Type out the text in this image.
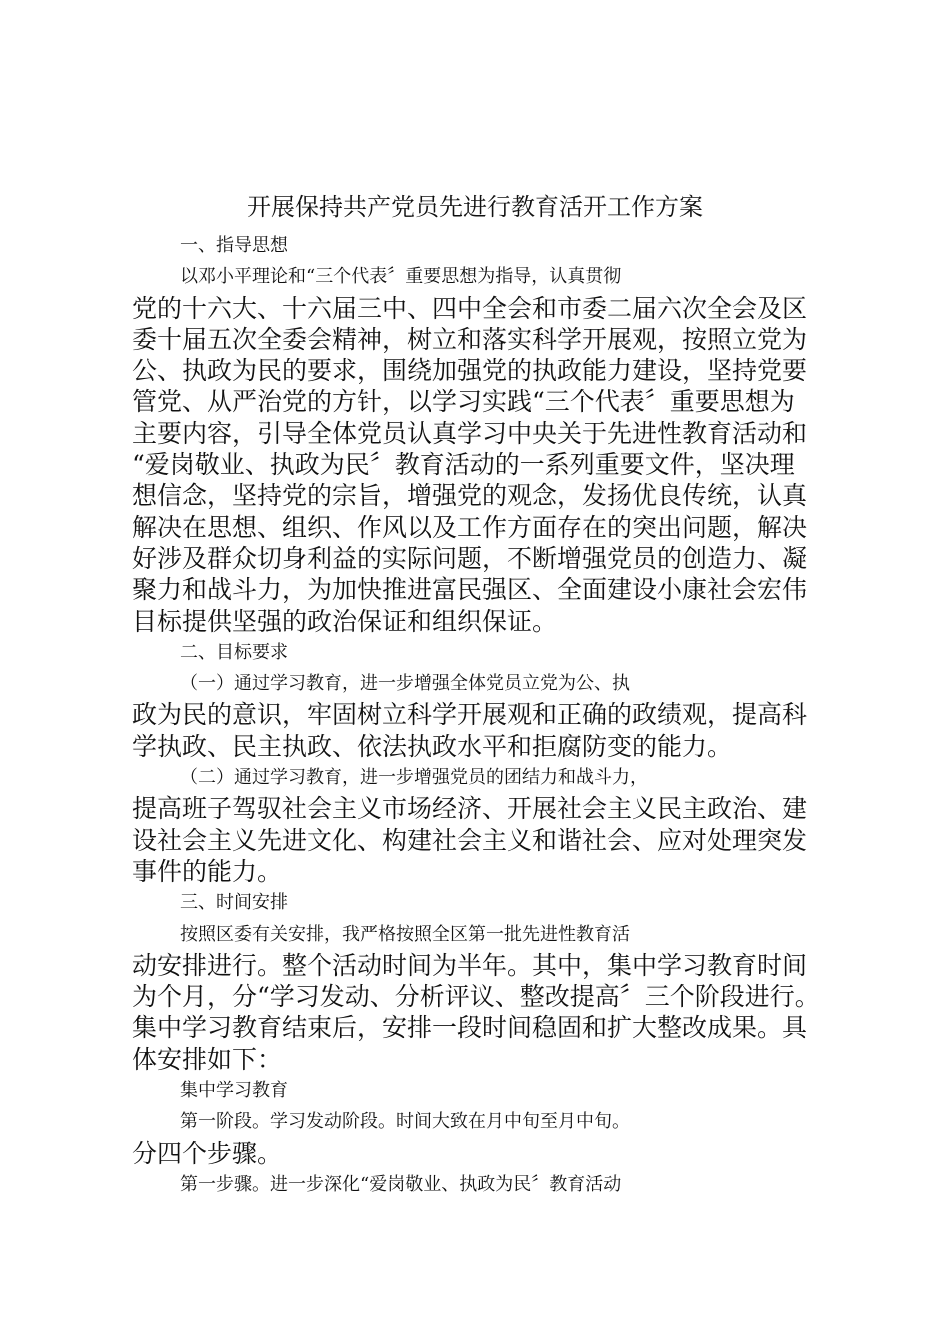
开展保持共产党员先进行教育活开工作方案
一、指导思想
以邓小平理论和“三个代表〞重要思想为指导，认真贯彻
党的十六大、十六届三中、四中全会和市委二届六次全会及区
委十届五次全委会精神，树立和落实科学开展观，按照立党为
公、执政为民的要求，围绕加强党的执政能力建设，坚持党要
管党、从严治党的方针，以学习实践“三个代表〞重要思想为
主要内容，引导全体党员认真学习中央关于先进性教育活动和
“爱岗敬业、执政为民〞教育活动的一系列重要文件，坚决理
想信念，坚持党的宗旨，增强党的观念，发扬优良传统，认真
解决在思想、组织、作风以及工作方面存在的突出问题，解决
好涉及群众切身利益的实际问题，不断增强党员的创造力、凝
聚力和战斗力，为加快推进富民强区、全面建设小康社会宏伟
目标提供坚强的政治保证和组织保证。
二、目标要求
（一）通过学习教育，进一步增强全体党员立党为公、执
政为民的意识，牢固树立科学开展观和正确的政绩观，提高科
学执政、民主执政、依法执政水平和拒腐防变的能力。
（二）通过学习教育，进一步增强党员的团结力和战斗力，
提高班子驾驭社会主义市场经济、开展社会主义民主政治、建
设社会主义先进文化、构建社会主义和谐社会、应对处理突发
事件的能力。
三、时间安排
按照区委有关安排，我严格按照全区第一批先进性教育活
动安排进行。整个活动时间为半年。其中，集中学习教育时间
为个月，分“学习发动、分析评议、整改提高〞三个阶段进行。
集中学习教育结束后，安排一段时间稳固和扩大整改成果。具
体安排如下：
集中学习教育
第一阶段。学习发动阶段。时间大致在月中旬至月中旬。
分四个步骤。
第一步骤。进一步深化“爱岗敬业、执政为民〞教育活动
